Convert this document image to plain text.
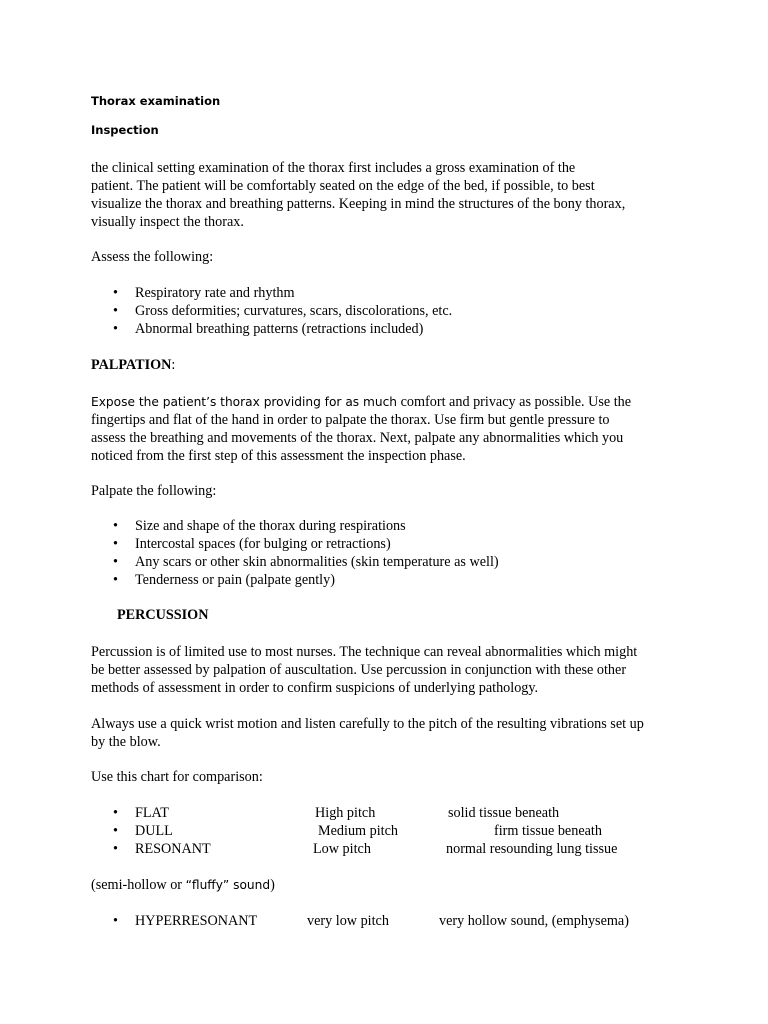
Thorax examination
Inspection
the clinical setting examination of the thorax first includes a gross examination of the
patient. The patient will be comfortably seated on the edge of the bed, if possible, to best
visualize the thorax and breathing patterns. Keeping in mind the structures of the bony thorax,
visually inspect the thorax.
Assess the following:
• Respiratory rate and rhythm
• Gross deformities; curvatures, scars, discolorations, etc.
• Abnormal breathing patterns (retractions included)
PALPATION:
Expose the patient’s thorax providing for as much comfort and privacy as possible. Use the
fingertips and flat of the hand in order to palpate the thorax. Use firm but gentle pressure to
assess the breathing and movements of the thorax. Next, palpate any abnormalities which you
noticed from the first step of this assessment the inspection phase.
Palpate the following:
• Size and shape of the thorax during respirations
• Intercostal spaces (for bulging or retractions)
• Any scars or other skin abnormalities (skin temperature as well)
• Tenderness or pain (palpate gently)
PERCUSSION
Percussion is of limited use to most nurses. The technique can reveal abnormalities which might
be better assessed by palpation of auscultation. Use percussion in conjunction with these other
methods of assessment in order to confirm suspicions of underlying pathology.
Always use a quick wrist motion and listen carefully to the pitch of the resulting vibrations set up
by the blow.
Use this chart for comparison:
• FLAT	High pitch	solid tissue beneath
• DULL	Medium pitch	firm tissue beneath
• RESONANT	Low pitch	normal resounding lung tissue
(semi-hollow or “fluffy” sound)
• HYPERRESONANT	very low pitch	very hollow sound, (emphysema)
